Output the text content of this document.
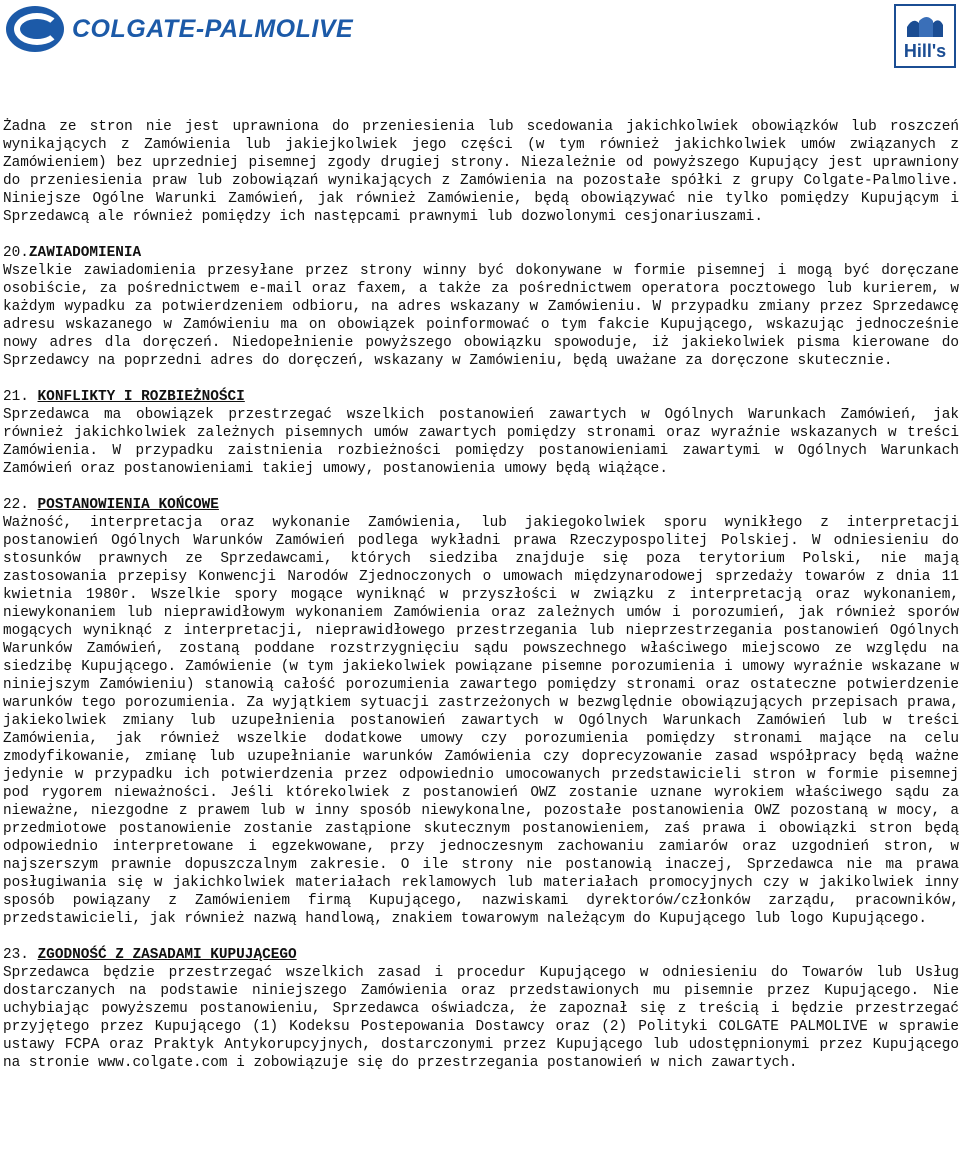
COLGATE-PALMOLIVE
Hill's

Żadna ze stron nie jest uprawniona do przeniesienia lub scedowania jakichkolwiek obowiązków lub roszczeń wynikających z Zamówienia lub jakiejkolwiek jego części (w tym również jakichkolwiek umów związanych z Zamówieniem) bez uprzedniej pisemnej zgody drugiej strony. Niezależnie od powyższego Kupujący jest uprawniony do przeniesienia praw lub zobowiązań wynikających z Zamówienia na pozostałe spółki z grupy Colgate-Palmolive. Niniejsze Ogólne Warunki Zamówień, jak również Zamówienie, będą obowiązywać nie tylko pomiędzy Kupującym i Sprzedawcą ale również pomiędzy ich następcami prawnymi lub dozwolonymi cesjonariuszami.

20.ZAWIADOMIENIA

Wszelkie zawiadomienia przesyłane przez strony winny być dokonywane w formie pisemnej i mogą być doręczane osobiście, za pośrednictwem e-mail oraz faxem, a także za pośrednictwem operatora pocztowego lub kurierem, w każdym wypadku za potwierdzeniem odbioru, na adres wskazany w Zamówieniu. W przypadku zmiany przez Sprzedawcę adresu wskazanego w Zamówieniu ma on obowiązek poinformować o tym fakcie Kupującego, wskazując jednocześnie nowy adres dla doręczeń. Niedopełnienie powyższego obowiązku spowoduje, iż jakiekolwiek pisma kierowane do Sprzedawcy na poprzedni adres do doręczeń, wskazany w Zamówieniu, będą uważane za doręczone skutecznie.

21. KONFLIKTY I ROZBIEŻNOŚCI

Sprzedawca ma obowiązek przestrzegać wszelkich postanowień zawartych w Ogólnych Warunkach Zamówień, jak również jakichkolwiek zależnych pisemnych umów zawartych pomiędzy stronami oraz wyraźnie wskazanych w treści Zamówienia. W przypadku zaistnienia rozbieżności pomiędzy postanowieniami zawartymi w Ogólnych Warunkach Zamówień oraz postanowieniami takiej umowy, postanowienia umowy będą wiążące.

22. POSTANOWIENIA KOŃCOWE

Ważność, interpretacja oraz wykonanie Zamówienia, lub jakiegokolwiek sporu wynikłego z interpretacji postanowień Ogólnych Warunków Zamówień podlega wykładni prawa Rzeczypospolitej Polskiej. W odniesieniu do stosunków prawnych ze Sprzedawcami, których siedziba znajduje się poza terytorium Polski, nie mają zastosowania przepisy Konwencji Narodów Zjednoczonych o umowach międzynarodowej sprzedaży towarów z dnia 11 kwietnia 1980r. Wszelkie spory mogące wyniknąć w przyszłości w związku z interpretacją oraz wykonaniem, niewykonaniem lub nieprawidłowym wykonaniem Zamówienia oraz zależnych umów i porozumień, jak również sporów mogących wyniknąć z interpretacji, nieprawidłowego przestrzegania lub nieprzestrzegania postanowień Ogólnych Warunków Zamówień, zostaną poddane rozstrzygnięciu sądu powszechnego właściwego miejscowo ze względu na siedzibę Kupującego. Zamówienie (w tym jakiekolwiek powiązane pisemne porozumienia i umowy wyraźnie wskazane w niniejszym Zamówieniu) stanowią całość porozumienia zawartego pomiędzy stronami oraz ostateczne potwierdzenie warunków tego porozumienia. Za wyjątkiem sytuacji zastrzeżonych w bezwględnie obowiązujących przepisach prawa, jakiekolwiek zmiany lub uzupełnienia postanowień zawartych w Ogólnych Warunkach Zamówień lub w treści Zamówienia, jak również wszelkie dodatkowe umowy czy porozumienia pomiędzy stronami mające na celu zmodyfikowanie, zmianę lub uzupełnianie warunków Zamówienia czy doprecyzowanie zasad współpracy będą ważne jedynie w przypadku ich potwierdzenia przez odpowiednio umocowanych przedstawicieli stron w formie pisemnej pod rygorem nieważności. Jeśli którekolwiek z postanowień OWZ zostanie uznane wyrokiem właściwego sądu za nieważne, niezgodne z prawem lub w inny sposób niewykonalne, pozostałe postanowienia OWZ pozostaną w mocy, a przedmiotowe postanowienie zostanie zastąpione skutecznym postanowieniem, zaś prawa i obowiązki stron będą odpowiednio interpretowane i egzekwowane, przy jednoczesnym zachowaniu zamiarów oraz uzgodnień stron, w najszerszym prawnie dopuszczalnym zakresie. O ile strony nie postanowią inaczej, Sprzedawca nie ma prawa posługiwania się w jakichkolwiek materiałach reklamowych lub materiałach promocyjnych czy w jakikolwiek inny sposób powiązany z Zamówieniem firmą Kupującego, nazwiskami dyrektorów/członków zarządu, pracowników, przedstawicieli, jak również nazwą handlową, znakiem towarowym należącym do Kupującego lub logo Kupującego.

23. ZGODNOŚĆ Z ZASADAMI KUPUJĄCEGO

Sprzedawca będzie przestrzegać wszelkich zasad i procedur Kupującego w odniesieniu do Towarów lub Usług dostarczanych na podstawie niniejszego Zamówienia oraz przedstawionych mu pisemnie przez Kupującego. Nie uchybiając powyższemu postanowieniu, Sprzedawca oświadcza, że zapoznał się z treścią i będzie przestrzegać przyjętego przez Kupującego (1) Kodeksu Postepowania Dostawcy oraz (2) Polityki COLGATE PALMOLIVE w sprawie ustawy FCPA oraz Praktyk Antykorupcyjnych, dostarczonymi przez Kupującego lub udostępnionymi przez Kupującego na stronie www.colgate.com i zobowiązuje się do przestrzegania postanowień w nich zawartych.
